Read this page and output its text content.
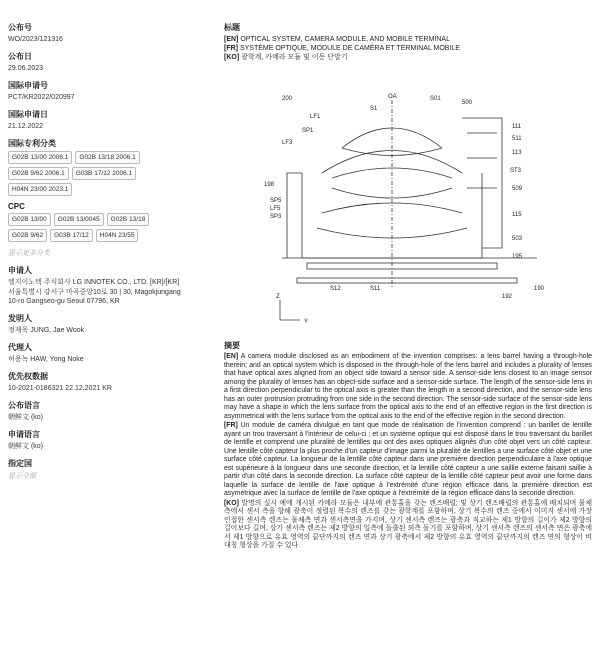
公布号
WO/2023/121316
公布日
29.06.2023
国际申请号
PCT/KR2022/020997
国际申请日
21.12.2022
国际专利分类
G02B 13/00 2006.1	G02B 13/18 2006.1
G02B 9/62 2006.1	G03B 17/12 2006.1
H04N 23/00 2023.1
CPC
G02B 13/00	G02B 13/0045	G02B 13/18
G02B 9/62	G03B 17/12	H04N 23/55
显示更多分类
申请人
엘지이노텍 주식회사 LG INNOTEK CO., LTD. [KR]/[KR]
서울특별시 강서구 마곡중앙10로 30 | 30, Magokjungang 10-ro Gangseo-gu Seoul 07796, KR
发明人
정재욱 JUNG, Jae Wook
代理人
허용녹 HAW, Yong Noke
优先权数据
10-2021-0186321 22.12.2021 KR
公布语言
朝鲜文 (ko)
申请语言
朝鲜文 (ko)
指定国
显示全部
标题
[EN] OPTICAL SYSTEM, CAMERA MODULE, AND MOBILE TERMINAL
[FR] SYSTÈME OPTIQUE, MODULE DE CAMÉRA ET TERMINAL MOBILE
[KO] 광학계, 카메라 모듈 및 이동 단말기
200	OA	S01
500
S1
LF1
SP1
LF3
111
511
113
ST3
198
509
SP5
LF5
SP3	115
503
195
S12	S11
192
190
Z
Y
摘要

[EN] A camera module disclosed as an embodiment of the invention comprises: a lens barrel having a through-hole therein; and an optical system which is disposed in the through-hole of the lens barrel and includes a plurality of lenses that have optical axes aligned from an object side toward a sensor side. A sensor-side lens closest to an image sensor among the plurality of lenses has an object-side surface and a sensor-side surface. The length of the sensor-side lens in a first direction perpendicular to the optical axis is greater than the length in a second direction, and the sensor-side lens has an outer protrusion protruding from one side in the second direction. The sensor-side surface of the sensor-side lens may have a shape in which the lens surface from the optical axis to the end of an effective region in the first direction is asymmetrical with the lens surface from the optical axis to the end of the effective region in the second direction.

[FR] Un module de caméra divulgué en tant que mode de réalisation de l'invention comprend : un barillet de lentille ayant un trou traversant à l'intérieur de celui-ci ; et un système optique qui est disposé dans le trou traversant du barillet de lentille et comprend une pluralité de lentilles qui ont des axes optiques alignés d'un côté objet vers un côté capteur. Une lentille côté capteur la plus proche d'un capteur d'image parmi la pluralité de lentilles a une surface côté objet et une surface côté capteur. La longueur de la lentille côté capteur dans une première direction perpendiculaire à l'axe optique est supérieure à la longueur dans une seconde direction, et la lentille côté capteur a une saillie externe faisant saillie à partir d'un côté dans la seconde direction. La surface côté capteur de la lentille côté capteur peut avoir une forme dans laquelle la surface de lentille de l'axe optique à l'extrémité d'une région efficace dans la première direction est asymétrique avec la surface de lentille de l'axe optique à l'extrémité de la région efficace dans la seconde direction.

[KO] 발명의 실시 예에 개시된 카메라 모듈은 내부에 관통홀을 갖는 렌즈배럴; 및 상기 렌즈배럴의 관통홀에 배치되며 물체 측에서 센서 측을 향해 광축이 정렬된 복수의 렌즈를 갖는 광학계를 포함하며, 상기 복수의 렌즈 중에서 이미지 센서에 가장 인접한 센서측 렌즈는 물체측 면과 센서측면을 가지며, 상기 센서측 렌즈는 광축과 직교하는 제1 방향의 길이가 제2 방향의 길이보다 길며, 상기 센서측 렌즈는 제2 방향의 일측에 돌출된 외측 돌기를 포함하며, 상기 센서측 렌즈의 센서측 면은 광축에서 제1 방향으로 유효 영역의 끝단까지의 렌즈 면과 상기 광축에서 제2 방향의 유효 영역의 끝단까지의 렌즈 면의 형상이 비대칭 형상을 가질 수 있다.
